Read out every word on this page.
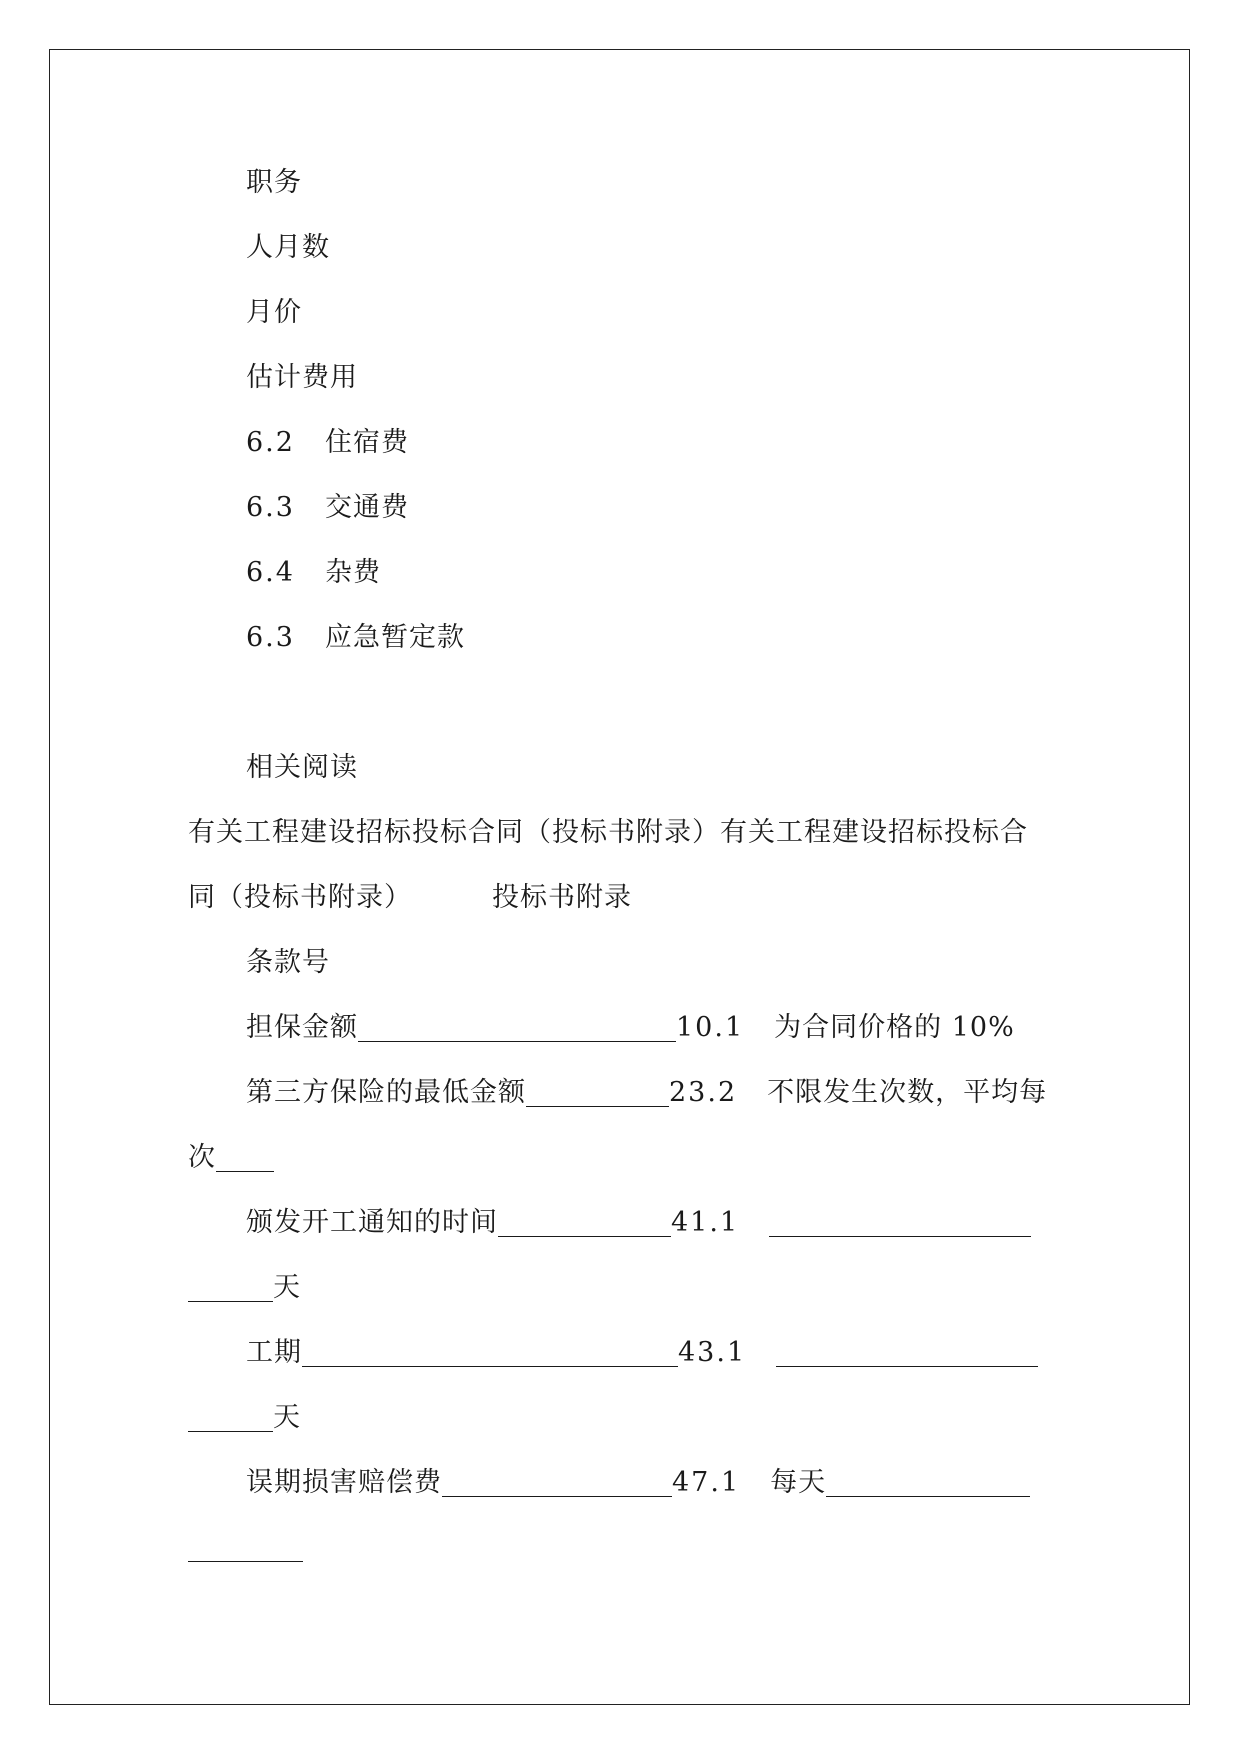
职务
人月数
月价
估计费用
6.2 住宿费
6.3 交通费
6.4 杂费
6.3 应急暂定款
相关阅读
有关工程建设招标投标合同（投标书附录）有关工程建设招标投标合
同（投标书附录）	投标书附录
条款号
担保金额	10.1 为合同价格的 10%
第三方保险的最低金额	23.2 不限发生次数，平均每
次
颁发开工通知的时间	41.1
天
工期	43.1
天
误期损害赔偿费	47.1 每天
